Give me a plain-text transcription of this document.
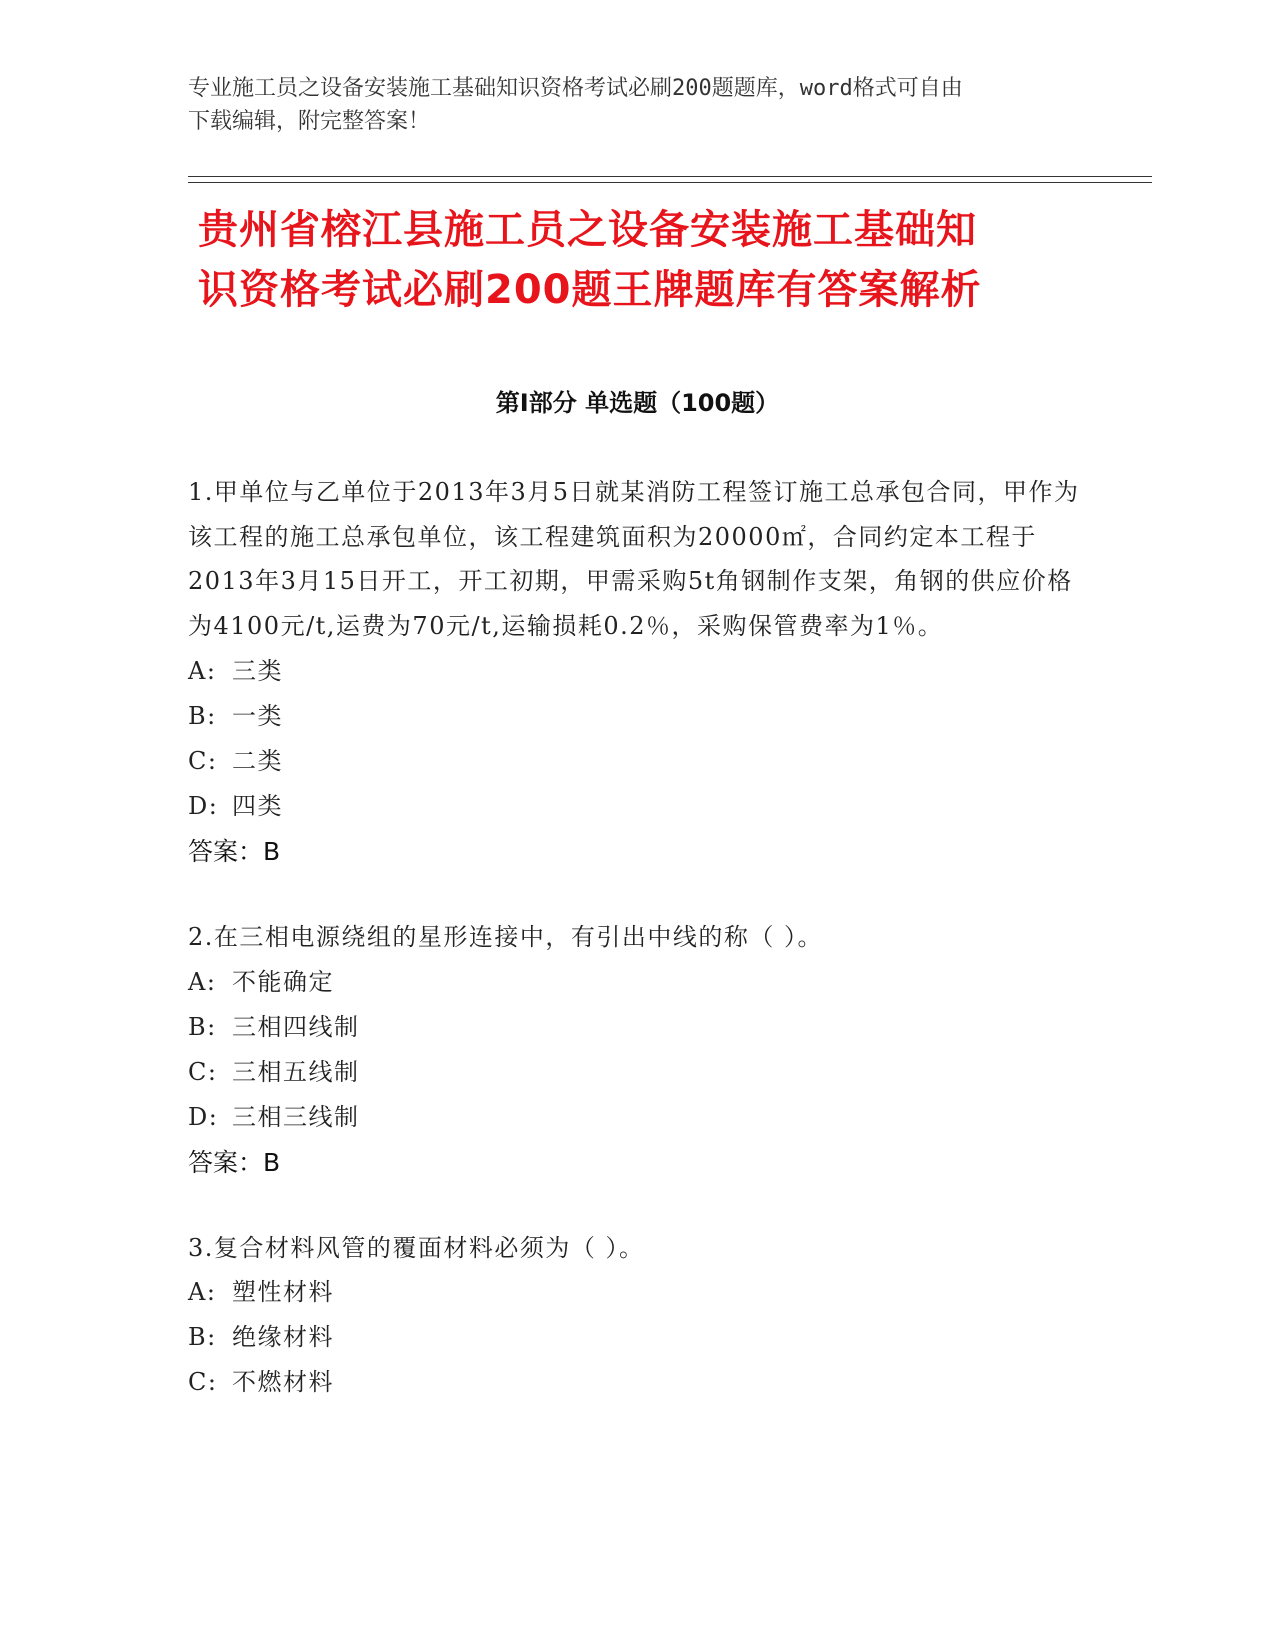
专业施工员之设备安装施工基础知识资格考试必刷200题题库，word格式可自由

下载编辑，附完整答案！

贵州省榕江县施工员之设备安装施工基础知

识资格考试必刷200题王牌题库有答案解析

第Ⅰ部分 单选题（100题）

1.甲单位与乙单位于2013年3月5日就某消防工程签订施工总承包合同，甲作为该工程的施工总承包单位，该工程建筑面积为20000㎡，合同约定本工程于2013年3月15日开工，开工初期，甲需采购5t角钢制作支架，角钢的供应价格为4100元/t,运费为70元/t,运输损耗0.2％，采购保管费率为1％。

A: 三类

B: 一类

C: 二类

D: 四类

答案：B

2.在三相电源绕组的星形连接中，有引出中线的称（ ）。

A: 不能确定

B: 三相四线制

C: 三相五线制

D: 三相三线制

答案：B

3.复合材料风管的覆面材料必须为（ ）。

A: 塑性材料

B: 绝缘材料

C: 不燃材料
